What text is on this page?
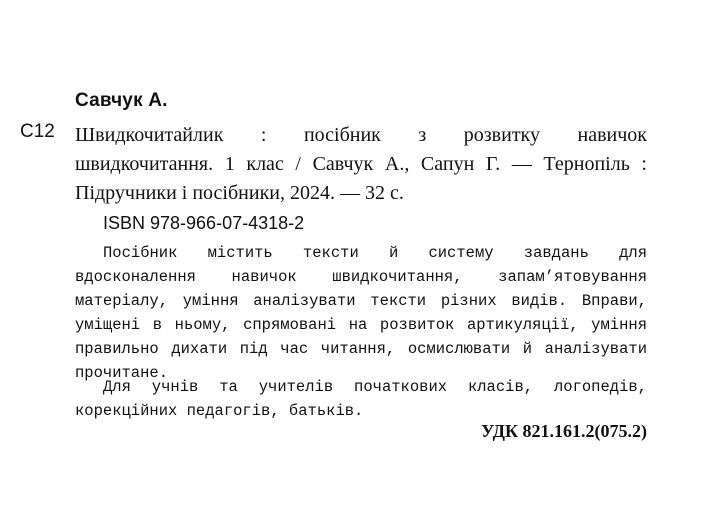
Савчук А.
С12 Швидкочитайлик : посібник з розвитку навичок
швидкочитання. 1 клас / Савчук А., Сапун Г. — Тернопіль :
Підручники і посібники, 2024. — 32 с.
ISBN 978-966-07-4318-2
Посібник містить тексти й систему завдань для
вдосконалення навичок швидкочитання, запам’ятовування
матеріалу, уміння аналізувати тексти різних видів. Вправи,
уміщені в ньому, спрямовані на розвиток артикуляції, уміння
правильно дихати під час читання, осмислювати й аналізувати
прочитане.
Для учнів та учителів початкових класів, логопедів,
корекційних педагогів, батьків.
УДК 821.161.2(075.2)
